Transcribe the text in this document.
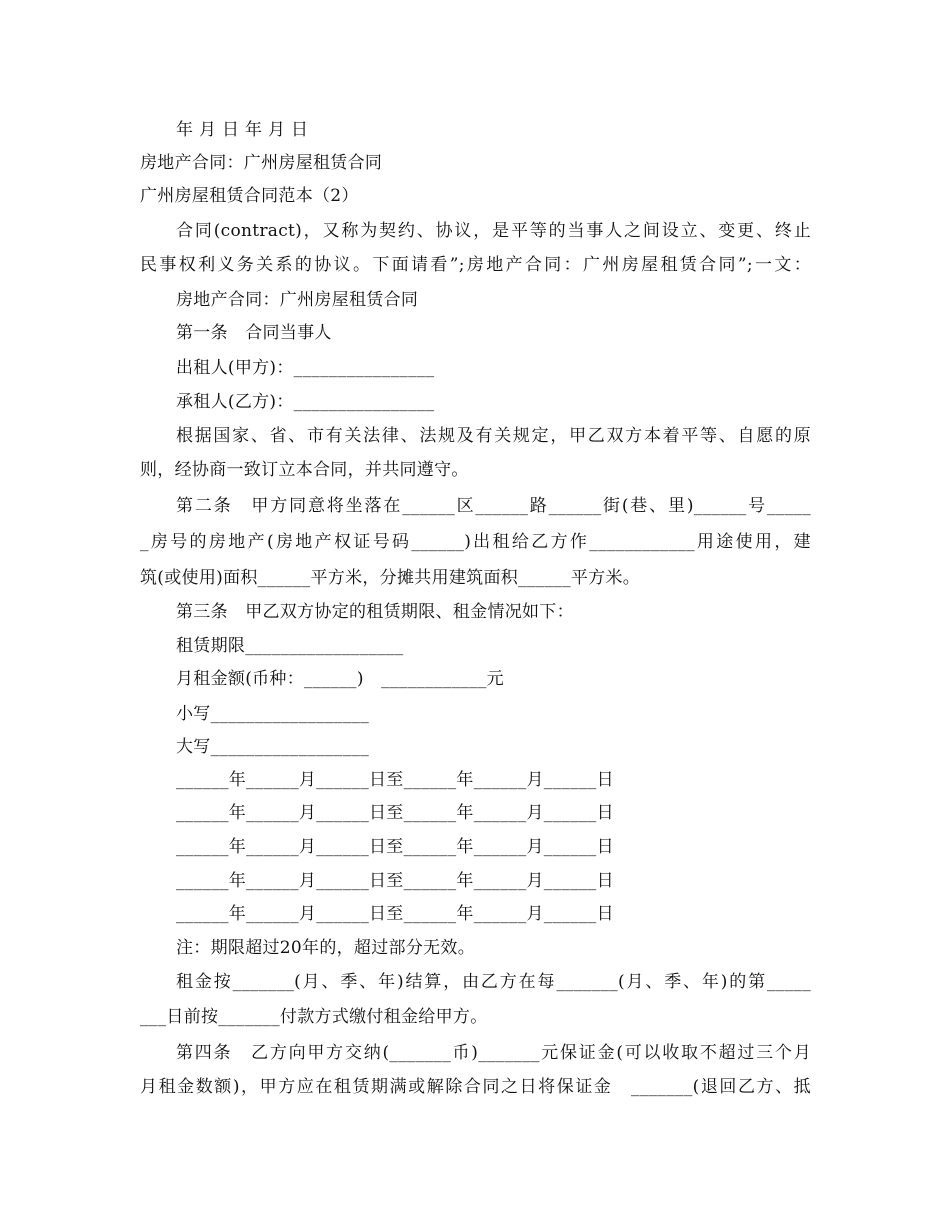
年 月 日 年 月 日
房地产合同：广州房屋租赁合同
广州房屋租赁合同范本（2）
合同(contract)，又称为契约、协议，是平等的当事人之间设立、变更、终止
民事权利义务关系的协议。下面请看”;房地产合同：广州房屋租赁合同”;一文：
房地产合同：广州房屋租赁合同
第一条　合同当事人
出租人(甲方)：________________
承租人(乙方)：________________
根据国家、省、市有关法律、法规及有关规定，甲乙双方本着平等、自愿的原
则，经协商一致订立本合同，并共同遵守。
第二条　甲方同意将坐落在______区______路______街(巷、里)______号_____
_房号的房地产(房地产权证号码______)出租给乙方作____________用途使用，建
筑(或使用)面积______平方米，分摊共用建筑面积______平方米。
第三条　甲乙双方协定的租赁期限、租金情况如下：
租赁期限__________________
月租金额(币种：______)　____________元
小写__________________
大写__________________
______年______月______日至______年______月______日
______年______月______日至______年______月______日
______年______月______日至______年______月______日
______年______月______日至______年______月______日
______年______月______日至______年______月______日
注：期限超过20年的，超过部分无效。
租金按_______(月、季、年)结算，由乙方在每_______(月、季、年)的第_____
___日前按_______付款方式缴付租金给甲方。
第四条　乙方向甲方交纳(_______币)_______元保证金(可以收取不超过三个月
月租金数额)，甲方应在租赁期满或解除合同之日将保证金　_______(退回乙方、抵
